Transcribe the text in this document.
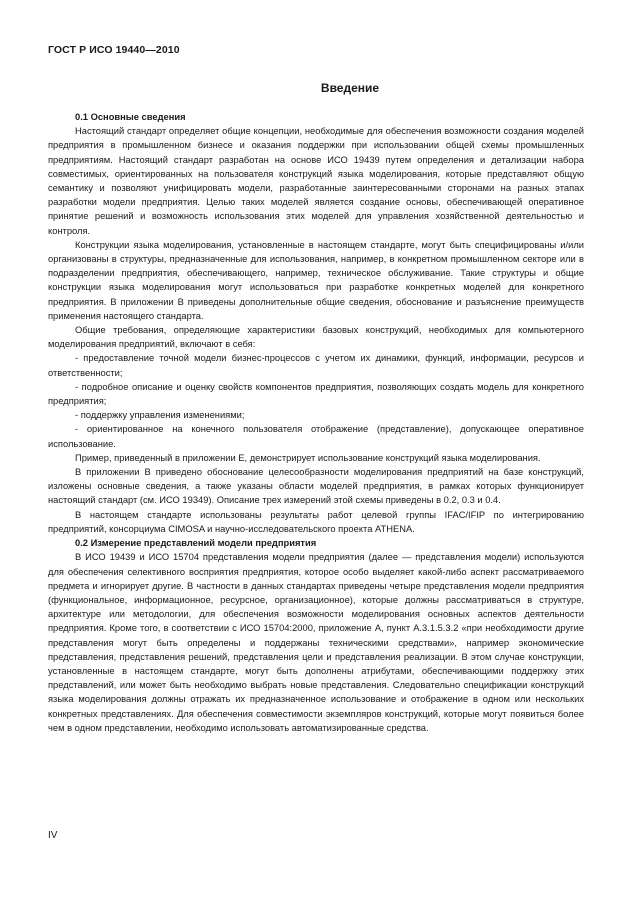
ГОСТ Р ИСО 19440—2010
Введение

0.1 Основные сведения

Настоящий стандарт определяет общие концепции, необходимые для обеспечения возможности создания моделей предприятия в промышленном бизнесе и оказания поддержки при использовании общей схемы промышленных предприятиям. Настоящий стандарт разработан на основе ИСО 19439 путем определения и детализации набора совместимых, ориентированных на пользователя конструкций языка моделирования, которые представляют общую семантику и позволяют унифицировать модели, разработанные заинтересованными сторонами на разных этапах разработки модели предприятия. Целью таких моделей является создание основы, обеспечивающей оперативное принятие решений и возможность использования этих моделей для управления хозяйственной деятельностью и контроля.

Конструкции языка моделирования, установленные в настоящем стандарте, могут быть специфицированы и/или организованы в структуры, предназначенные для использования, например, в конкретном промышленном секторе или в подразделении предприятия, обеспечивающего, например, техническое обслуживание. Такие структуры и общие конструкции языка моделирования могут использоваться при разработке конкретных моделей для конкретного предприятия. В приложении В приведены дополнительные общие сведения, обоснование и разъяснение преимуществ применения настоящего стандарта.

Общие требования, определяющие характеристики базовых конструкций, необходимых для компьютерного моделирования предприятий, включают в себя:

- предоставление точной модели бизнес-процессов с учетом их динамики, функций, информации, ресурсов и ответственности;

- подробное описание и оценку свойств компонентов предприятия, позволяющих создать модель для конкретного предприятия;

- поддержку управления изменениями;

- ориентированное на конечного пользователя отображение (представление), допускающее оперативное использование.

Пример, приведенный в приложении Е, демонстрирует использование конструкций языка моделирования.

В приложении В приведено обоснование целесообразности моделирования предприятий на базе конструкций, изложены основные сведения, а также указаны области моделей предприятия, в рамках которых функционирует настоящий стандарт (см. ИСО 19349). Описание трех измерений этой схемы приведены в 0.2, 0.3 и 0.4.

В настоящем стандарте использованы результаты работ целевой группы IFAC/IFIP по интегрированию предприятий, консорциума CIMOSA и научно-исследовательского проекта ATHENA.

0.2 Измерение представлений модели предприятия

В ИСО 19439 и ИСО 15704 представления модели предприятия (далее — представления модели) используются для обеспечения селективного восприятия предприятия, которое особо выделяет какой-либо аспект рассматриваемого предмета и игнорирует другие. В частности в данных стандартах приведены четыре представления модели предприятия (функциональное, информационное, ресурсное, организационное), которые должны рассматриваться в структуре, архитектуре или методологии, для обеспечения возможности моделирования основных аспектов деятельности предприятия. Кроме того, в соответствии с ИСО 15704:2000, приложение А, пункт А.3.1.5.3.2 «при необходимости другие представления могут быть определены и поддержаны техническими средствами», например экономические представления, представления решений, представления цели и представления реализации. В этом случае конструкции, установленные в настоящем стандарте, могут быть дополнены атрибутами, обеспечивающими поддержку этих представлений, или может быть необходимо выбрать новые представления. Следовательно спецификации конструкций языка моделирования должны отражать их предназначенное использование и отображение в одном или нескольких конкретных представлениях. Для обеспечения совместимости экземпляров конструкций, которые могут появиться более чем в одном представлении, необходимо использовать автоматизированные средства.

IV
